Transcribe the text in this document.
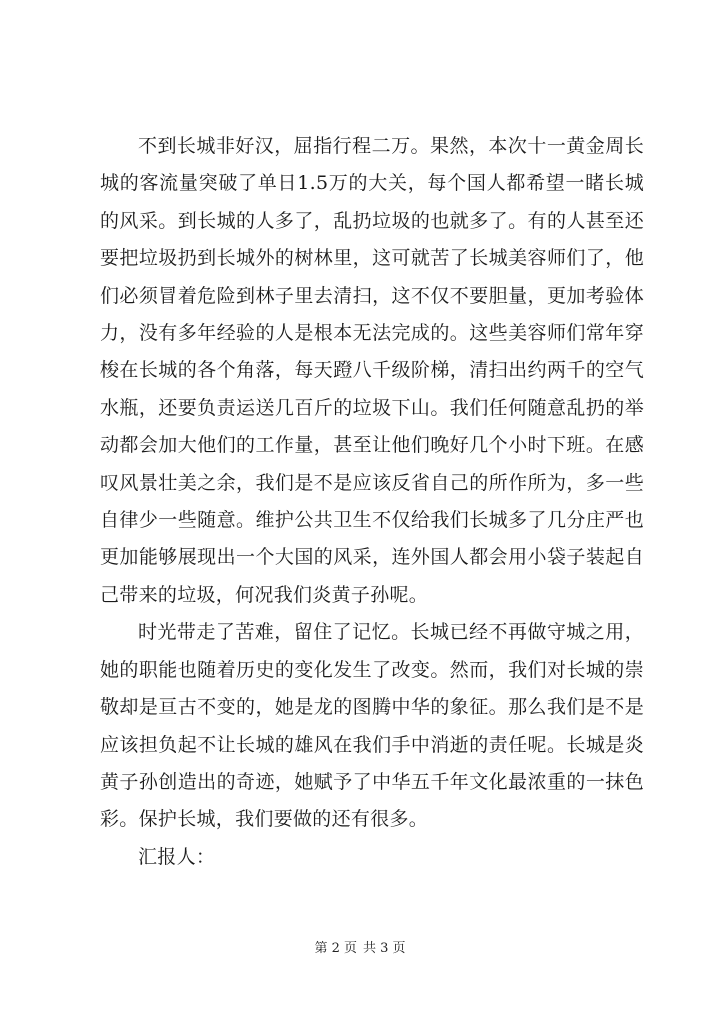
不到长城非好汉，屈指行程二万。果然，本次十一黄金周长城的客流量突破了单日1.5万的大关，每个国人都希望一睹长城的风采。到长城的人多了，乱扔垃圾的也就多了。有的人甚至还要把垃圾扔到长城外的树林里，这可就苦了长城美容师们了，他们必须冒着危险到林子里去清扫，这不仅不要胆量，更加考验体力，没有多年经验的人是根本无法完成的。这些美容师们常年穿梭在长城的各个角落，每天蹬八千级阶梯，清扫出约两千的空气水瓶，还要负责运送几百斤的垃圾下山。我们任何随意乱扔的举动都会加大他们的工作量，甚至让他们晚好几个小时下班。在感叹风景壮美之余，我们是不是应该反省自己的所作所为，多一些自律少一些随意。维护公共卫生不仅给我们长城多了几分庄严也更加能够展现出一个大国的风采，连外国人都会用小袋子装起自己带来的垃圾，何况我们炎黄子孙呢。

时光带走了苦难，留住了记忆。长城已经不再做守城之用，她的职能也随着历史的变化发生了改变。然而，我们对长城的崇敬却是亘古不变的，她是龙的图腾中华的象征。那么我们是不是应该担负起不让长城的雄风在我们手中消逝的责任呢。长城是炎黄子孙创造出的奇迹，她赋予了中华五千年文化最浓重的一抹色彩。保护长城，我们要做的还有很多。

汇报人：

第 2 页 共 3 页
